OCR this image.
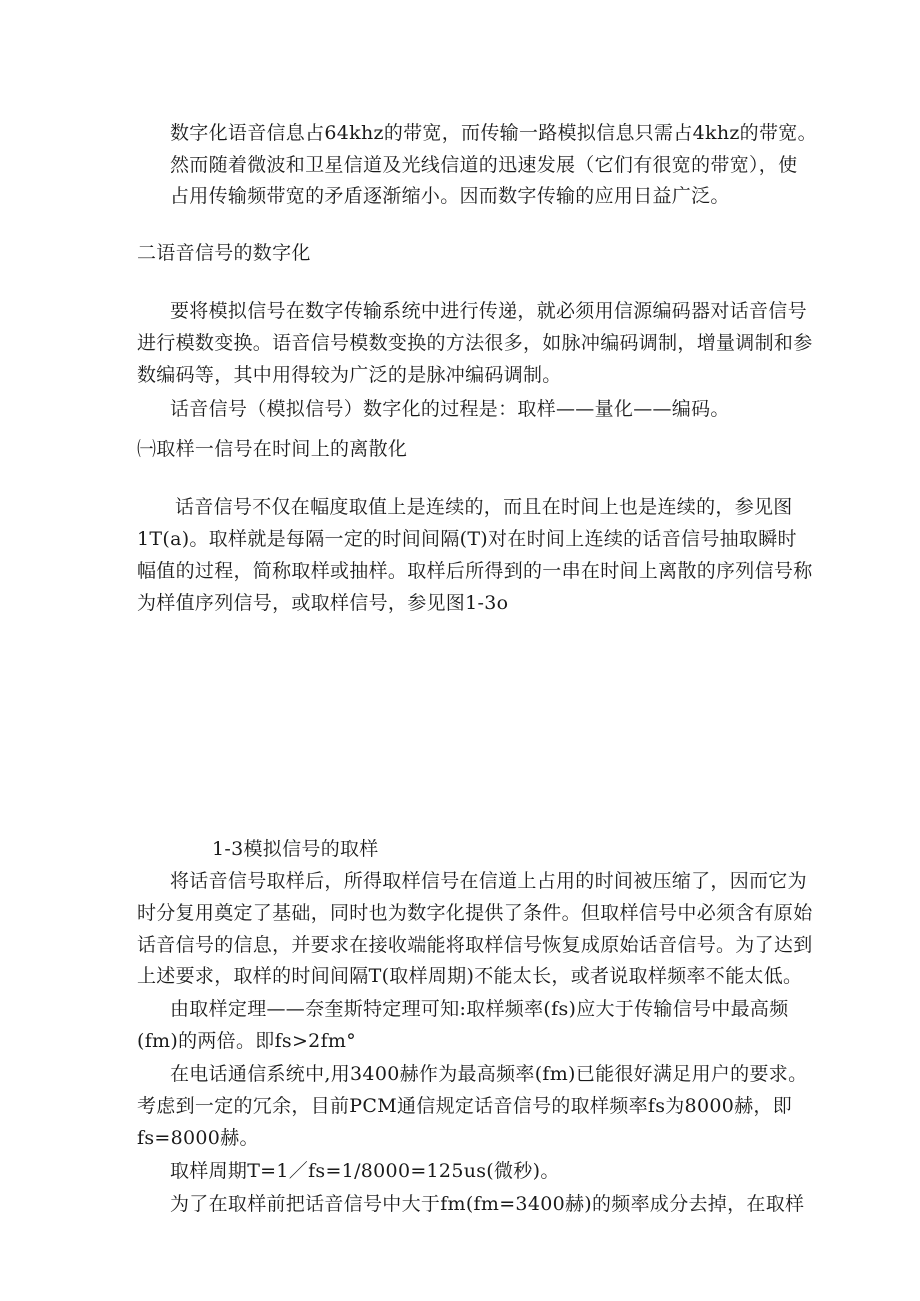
数字化语音信息占64khz的带宽，而传输一路模拟信息只需占4khz的带宽。
然而随着微波和卫星信道及光线信道的迅速发展（它们有很宽的带宽），使
占用传输频带宽的矛盾逐渐缩小。因而数字传输的应用日益广泛。
二语音信号的数字化
要将模拟信号在数字传输系统中进行传递，就必须用信源编码器对话音信号
进行模数变换。语音信号模数变换的方法很多，如脉冲编码调制，增量调制和参
数编码等，其中用得较为广泛的是脉冲编码调制。
话音信号（模拟信号）数字化的过程是：取样——量化——编码。
㈠取样一信号在时间上的离散化
话音信号不仅在幅度取值上是连续的，而且在时间上也是连续的，参见图
1T(a)。取样就是每隔一定的时间间隔(T)对在时间上连续的话音信号抽取瞬时
幅值的过程，简称取样或抽样。取样后所得到的一串在时间上离散的序列信号称
为样值序列信号，或取样信号，参见图1-3o
1-3模拟信号的取样
将话音信号取样后，所得取样信号在信道上占用的时间被压缩了，因而它为
时分复用奠定了基础，同时也为数字化提供了条件。但取样信号中必须含有原始
话音信号的信息，并要求在接收端能将取样信号恢复成原始话音信号。为了达到
上述要求，取样的时间间隔T(取样周期)不能太长，或者说取样频率不能太低。
由取样定理——奈奎斯特定理可知:取样频率(fs)应大于传输信号中最高频
(fm)的两倍。即fs>2fm°
在电话通信系统中,用3400赫作为最高频率(fm)已能很好满足用户的要求。
考虑到一定的冗余，目前PCM通信规定话音信号的取样频率fs为8000赫，即
fs=8000赫。
取样周期T=1／fs=1/8000=125us(微秒)。
为了在取样前把话音信号中大于fm(fm=3400赫)的频率成分去掉，在取样
